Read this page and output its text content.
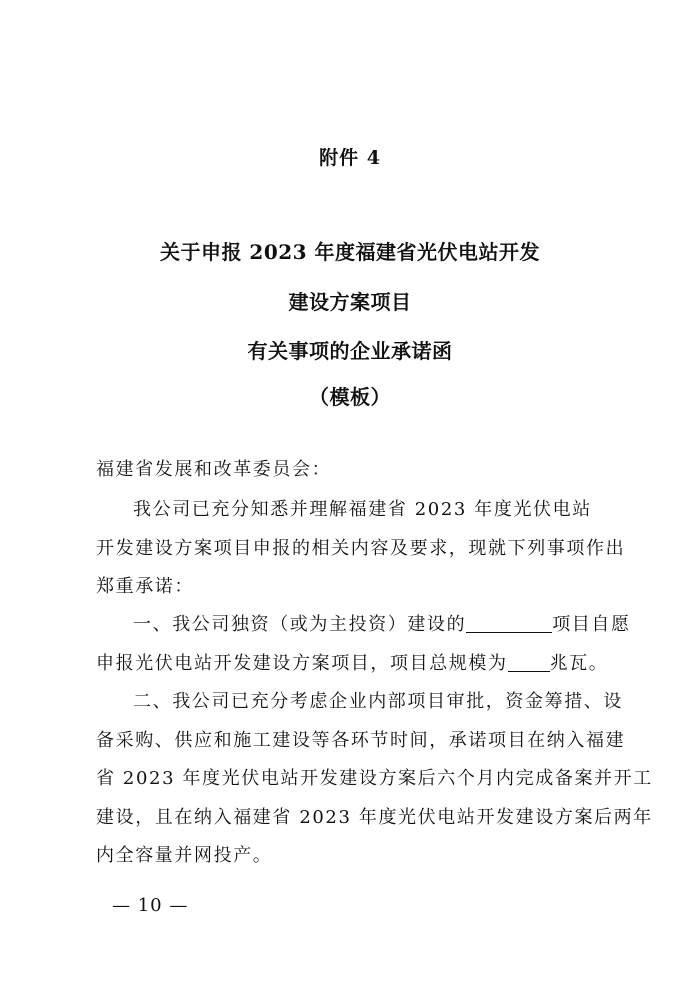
附件 4
关于申报 2023 年度福建省光伏电站开发
建设方案项目
有关事项的企业承诺函
（模板）
福建省发展和改革委员会：
我公司已充分知悉并理解福建省 2023 年度光伏电站
开发建设方案项目申报的相关内容及要求，现就下列事项作出
郑重承诺：
一、我公司独资（或为主投资）建设的	项目自愿
申报光伏电站开发建设方案项目，项目总规模为 兆瓦。
二、我公司已充分考虑企业内部项目审批，资金筹措、设
备采购、供应和施工建设等各环节时间，承诺项目在纳入福建
省 2023 年度光伏电站开发建设方案后六个月内完成备案并开工
建设，且在纳入福建省 2023 年度光伏电站开发建设方案后两年
内全容量并网投产。
— 10 —
